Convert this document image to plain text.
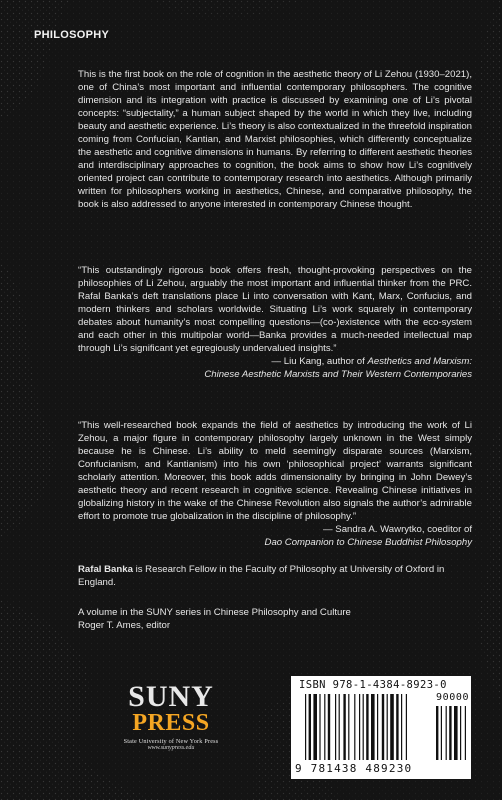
PHILOSOPHY
This is the first book on the role of cognition in the aesthetic theory of Li Zehou (1930–2021), one of China’s most important and influential contemporary philosophers. The cognitive dimension and its integration with practice is discussed by examining one of Li’s pivotal concepts: “subjectality,” a human subject shaped by the world in which they live, including beauty and aesthetic experience. Li’s theory is also contextualized in the threefold inspiration coming from Confucian, Kantian, and Marxist philosophies, which differently conceptualize the aesthetic and cognitive dimensions in humans. By referring to different aesthetic theories and interdisciplinary approaches to cognition, the book aims to show how Li’s cognitively oriented project can contribute to contemporary research into aesthetics. Although primarily written for philosophers working in aesthetics, Chinese, and comparative philosophy, the book is also addressed to anyone interested in contemporary Chinese thought.
“This outstandingly rigorous book offers fresh, thought-provoking perspectives on the philosophies of Li Zehou, arguably the most important and influential thinker from the PRC. Rafal Banka’s deft translations place Li into conversation with Kant, Marx, Confucius, and modern thinkers and scholars worldwide. Situating Li’s work squarely in contemporary debates about humanity’s most compelling questions—(co-)existence with the eco-system and each other in this multipolar world—Banka provides a much-needed intellectual map through Li’s significant yet egregiously undervalued insights.”

— Liu Kang, author of Aesthetics and Marxism:
Chinese Aesthetic Marxists and Their Western Contemporaries

“This well-researched book expands the field of aesthetics by introducing the work of Li Zehou, a major figure in contemporary philosophy largely unknown in the West simply because he is Chinese. Li’s ability to meld seemingly disparate sources (Marxism, Confucianism, and Kantianism) into his own ‘philosophical project’ warrants significant scholarly attention. Moreover, this book adds dimensionality by bringing in John Dewey’s aesthetic theory and recent research in cognitive science. Revealing Chinese initiatives in globalizing history in the wake of the Chinese Revolution also signals the author’s admirable effort to promote true globalization in the discipline of philosophy.”

— Sandra A. Wawrytko, coeditor of
Dao Companion to Chinese Buddhist Philosophy

Rafal Banka is Research Fellow in the Faculty of Philosophy at University of Oxford in England.
A volume in the SUNY series in Chinese Philosophy and Culture
Roger T. Ames, editor
SUNY
PRESS
State University of New York Press
www.sunypress.edu
ISBN 978-1-4384-8923-0
90000
9 781438 489230
